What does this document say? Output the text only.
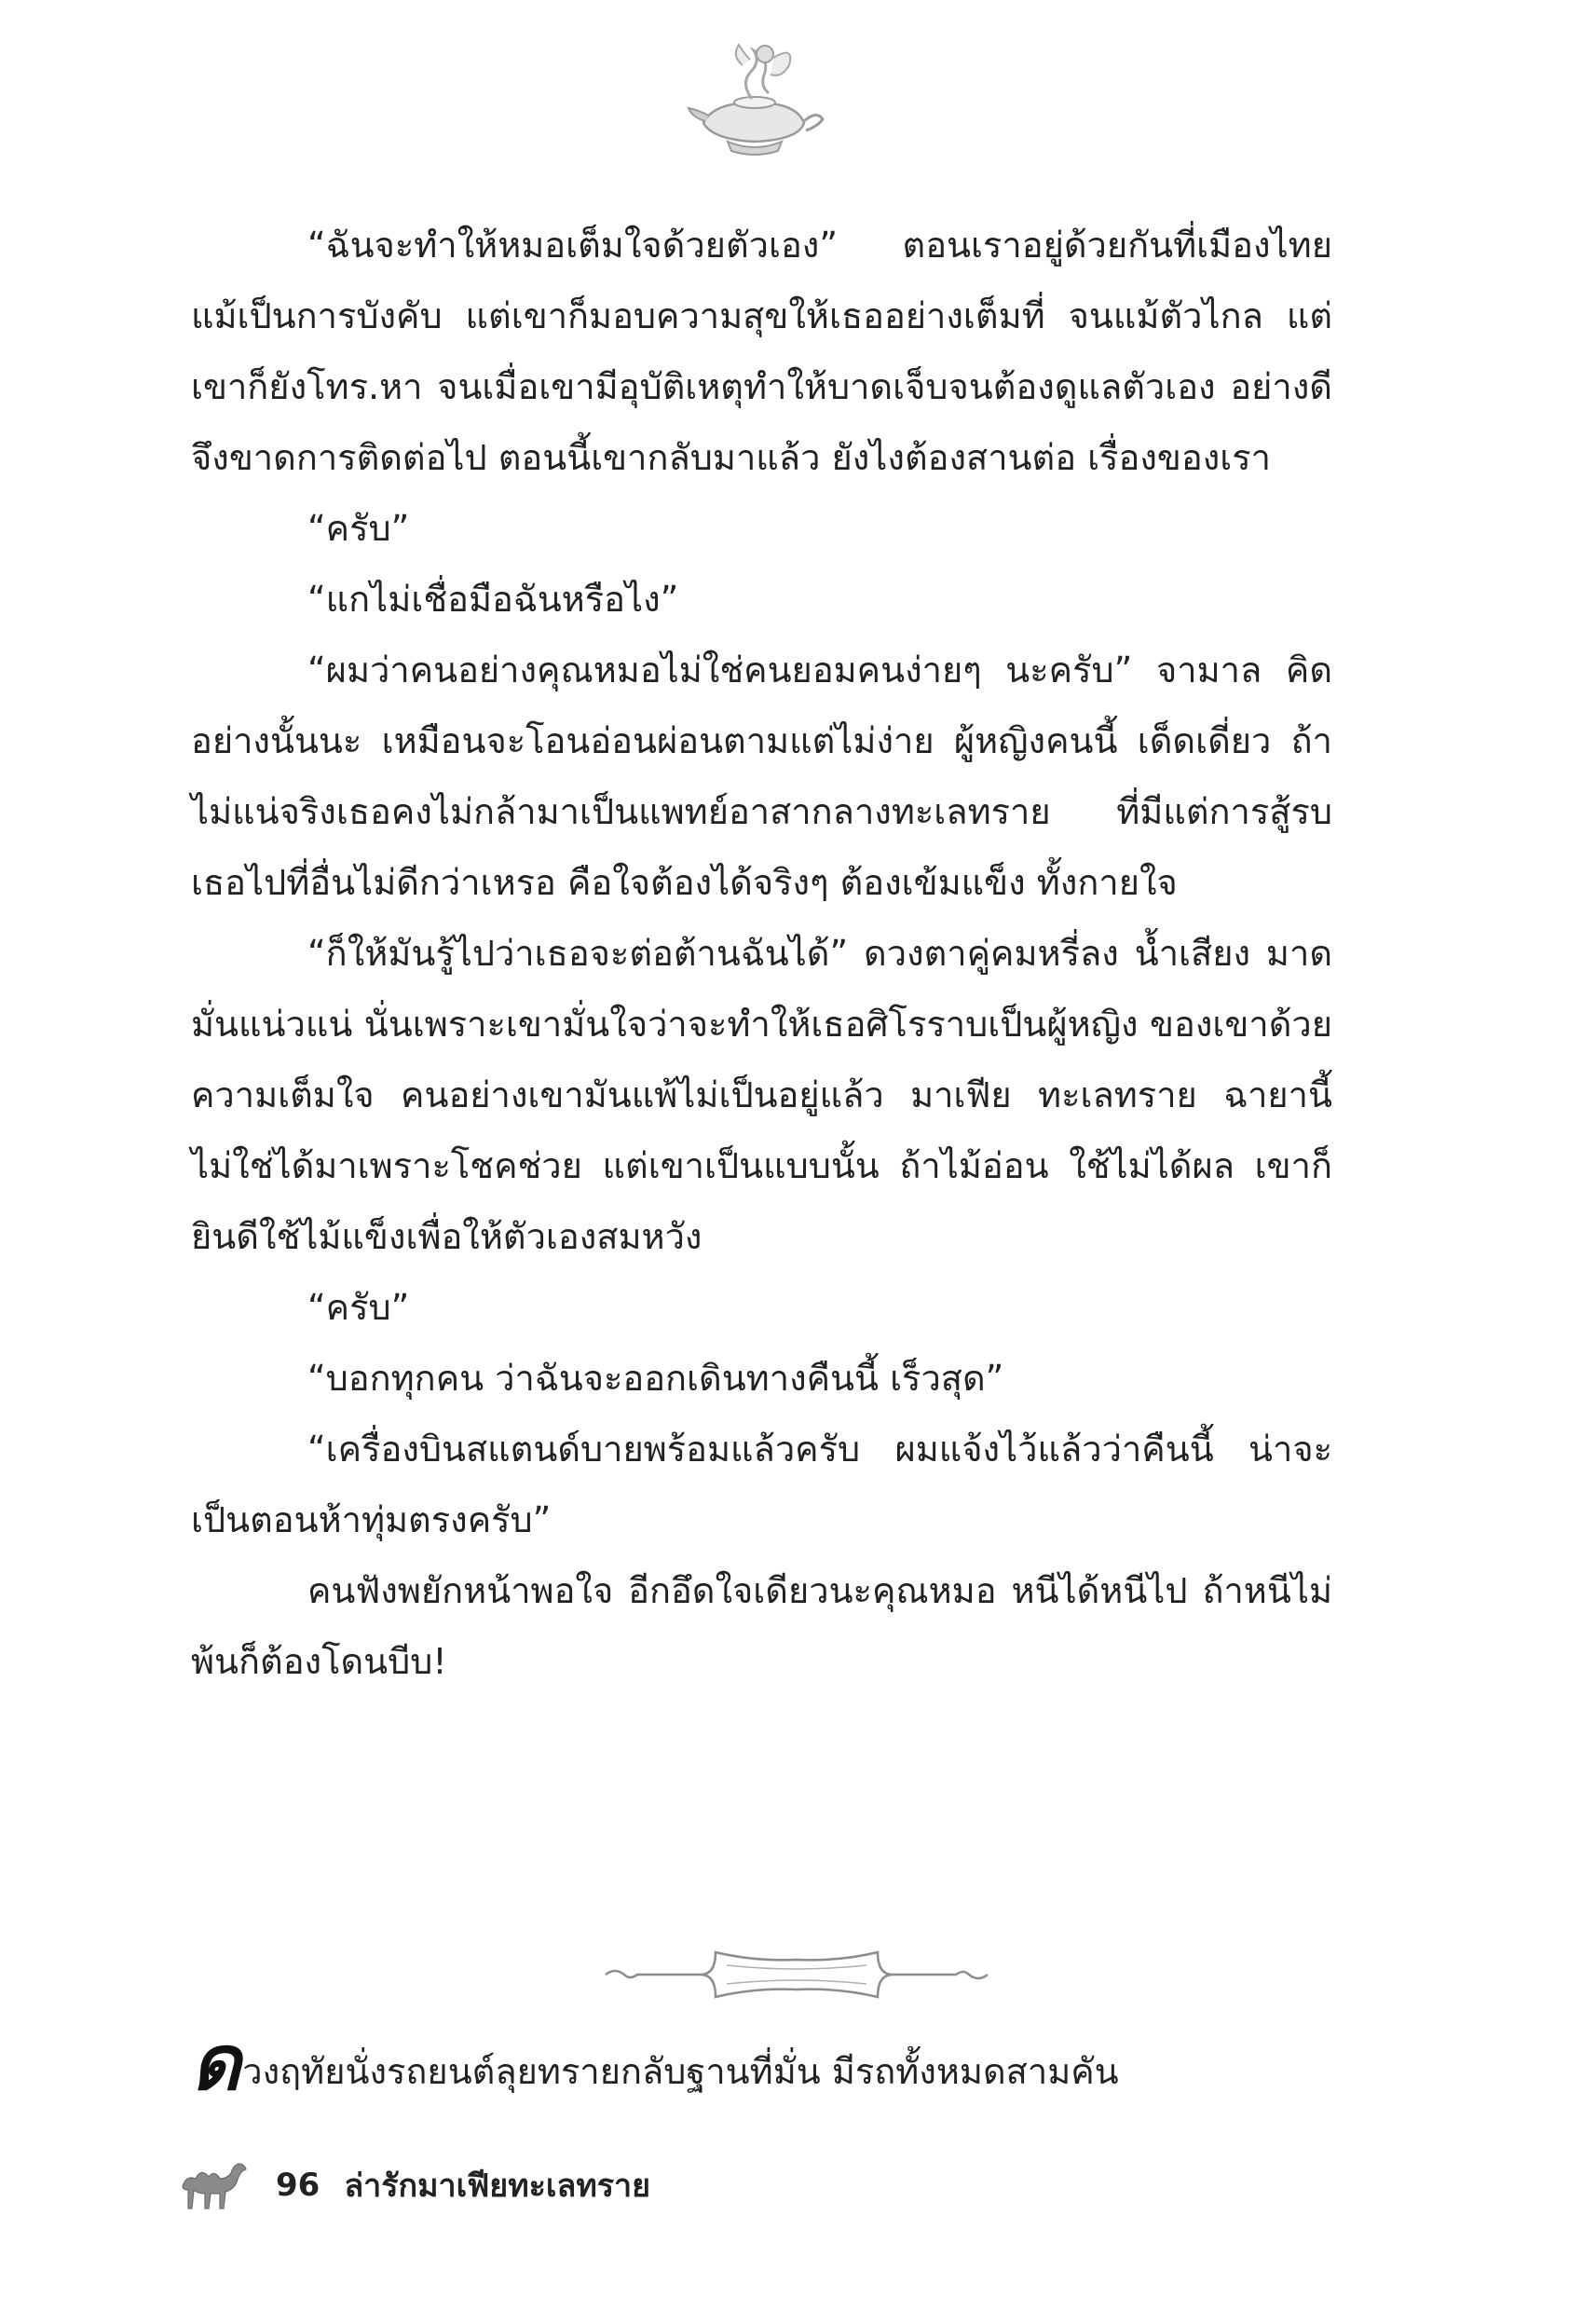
“ฉันจะทำให้หมอเต็มใจด้วยตัวเอง” ตอนเราอยู่ด้วยกันที่เมืองไทย แม้เป็นการบังคับ แต่เขาก็มอบความสุขให้เธออย่างเต็มที่ จนแม้ตัวไกล แต่เขาก็ยังโทร.หา จนเมื่อเขามีอุบัติเหตุทำให้บาดเจ็บจนต้องดูแลตัวเอง อย่างดี จึงขาดการติดต่อไป ตอนนี้เขากลับมาแล้ว ยังไงต้องสานต่อ เรื่องของเรา

“ครับ”

“แกไม่เชื่อมือฉันหรือไง”

“ผมว่าคนอย่างคุณหมอไม่ใช่คนยอมคนง่ายๆ นะครับ” จามาล คิดอย่างนั้นนะ เหมือนจะโอนอ่อนผ่อนตามแต่ไม่ง่าย ผู้หญิงคนนี้ เด็ดเดี่ยว ถ้าไม่แน่จริงเธอคงไม่กล้ามาเป็นแพทย์อาสากลางทะเลทราย ที่มีแต่การสู้รบ เธอไปที่อื่นไม่ดีกว่าเหรอ คือใจต้องได้จริงๆ ต้องเข้มแข็ง ทั้งกายใจ

“ก็ให้มันรู้ไปว่าเธอจะต่อต้านฉันได้” ดวงตาคู่คมหรี่ลง น้ำเสียง มาดมั่นแน่วแน่ นั่นเพราะเขามั่นใจว่าจะทำให้เธอศิโรราบเป็นผู้หญิง ของเขาด้วยความเต็มใจ คนอย่างเขามันแพ้ไม่เป็นอยู่แล้ว มาเฟีย ทะเลทราย ฉายานี้ไม่ใช่ได้มาเพราะโชคช่วย แต่เขาเป็นแบบนั้น ถ้าไม้อ่อน ใช้ไม่ได้ผล เขาก็ยินดีใช้ไม้แข็งเพื่อให้ตัวเองสมหวัง

“ครับ”

“บอกทุกคน ว่าฉันจะออกเดินทางคืนนี้ เร็วสุด”

“เครื่องบินสแตนด์บายพร้อมแล้วครับ ผมแจ้งไว้แล้วว่าคืนนี้ น่าจะเป็นตอนห้าทุ่มตรงครับ”

คนฟังพยักหน้าพอใจ อีกอึดใจเดียวนะคุณหมอ หนีได้หนีไป ถ้าหนีไม่พ้นก็ต้องโดนบีบ!

ดวงฤทัยนั่งรถยนต์ลุยทรายกลับฐานที่มั่น มีรถทั้งหมดสามคัน
96 ล่ารักมาเฟียทะเลทราย
